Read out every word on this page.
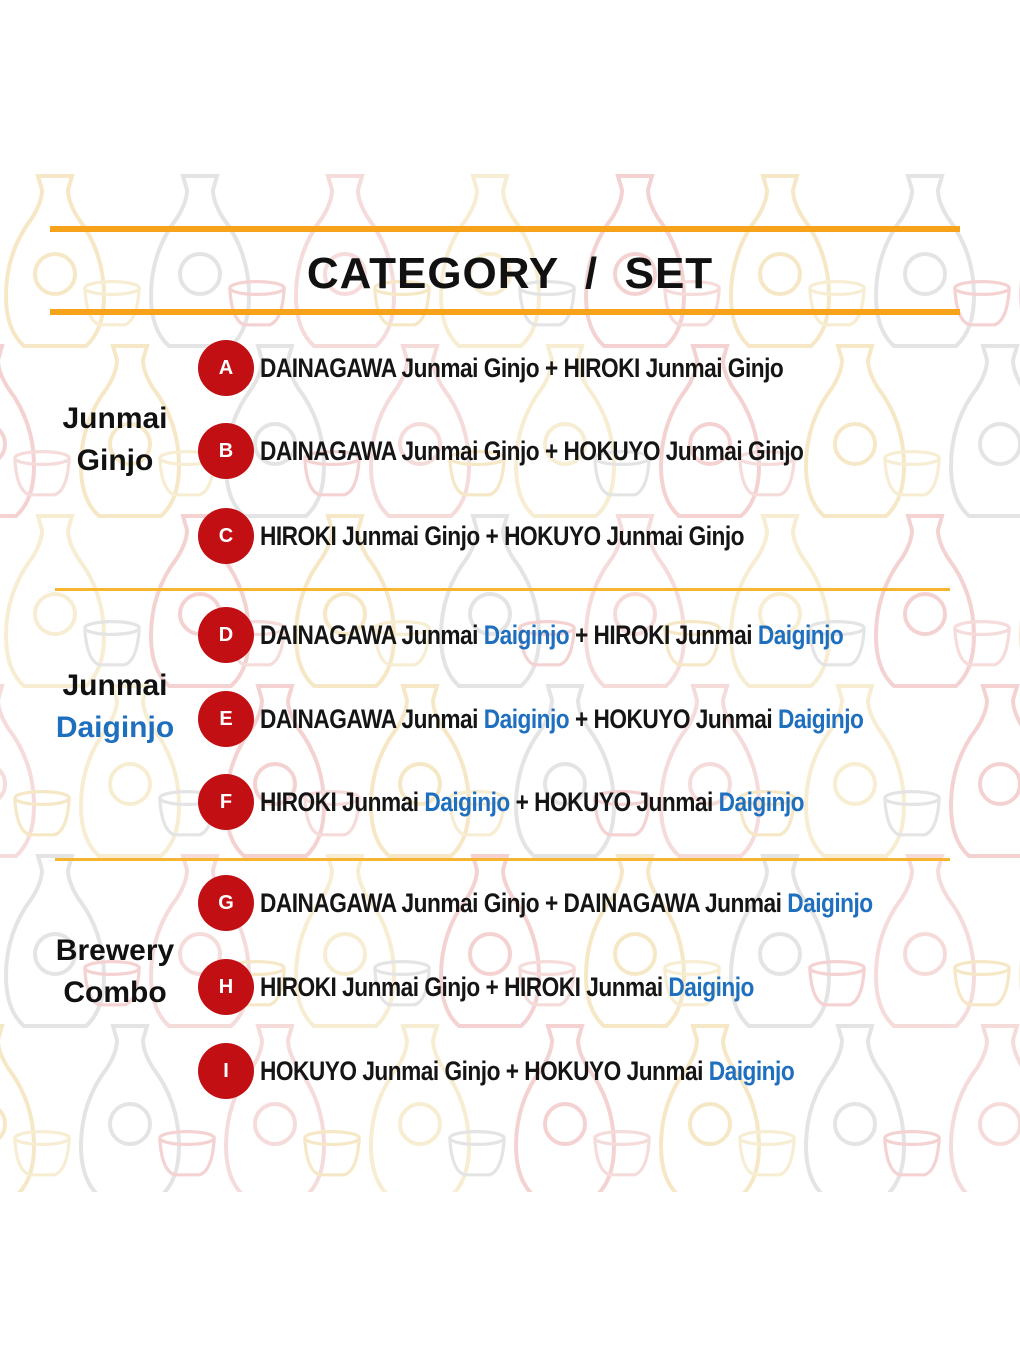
CATEGORY  /  SET
Junmai
Ginjo
A DAINAGAWA Junmai Ginjo + HIROKI Junmai Ginjo
B DAINAGAWA Junmai Ginjo + HOKUYO Junmai Ginjo
C HIROKI Junmai Ginjo + HOKUYO Junmai Ginjo
Junmai
Daiginjo
D DAINAGAWA Junmai Daiginjo + HIROKI Junmai Daiginjo
E	DAINAGAWA Junmai Daiginjo + HOKUYO Junmai Daiginjo
F	HIROKI Junmai Daiginjo + HOKUYO Junmai Daiginjo
Brewery
Combo
G DAINAGAWA Junmai Ginjo + DAINAGAWA Junmai Daiginjo
H HIROKI Junmai Ginjo + HIROKI Junmai Daiginjo
I	HOKUYO Junmai Ginjo + HOKUYO Junmai Daiginjo
